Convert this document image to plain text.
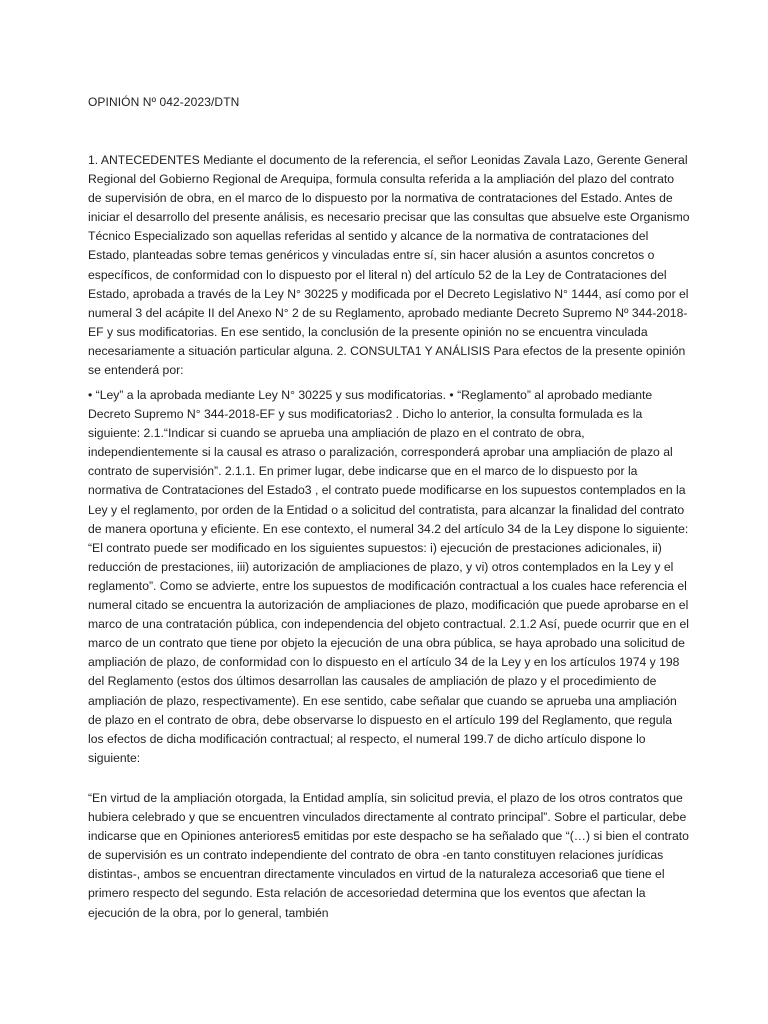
OPINIÓN Nº 042-2023/DTN

1. ANTECEDENTES Mediante el documento de la referencia, el señor Leonidas Zavala Lazo, Gerente General Regional del Gobierno Regional de Arequipa, formula consulta referida a la ampliación del plazo del contrato de supervisión de obra, en el marco de lo dispuesto por la normativa de contrataciones del Estado. Antes de iniciar el desarrollo del presente análisis, es necesario precisar que las consultas que absuelve este Organismo Técnico Especializado son aquellas referidas al sentido y alcance de la normativa de contrataciones del Estado, planteadas sobre temas genéricos y vinculadas entre sí, sin hacer alusión a asuntos concretos o específicos, de conformidad con lo dispuesto por el literal n) del artículo 52 de la Ley de Contrataciones del Estado, aprobada a través de la Ley N° 30225 y modificada por el Decreto Legislativo N° 1444, así como por el numeral 3 del acápite II del Anexo N° 2 de su Reglamento, aprobado mediante Decreto Supremo Nº 344-2018-EF y sus modificatorias. En ese sentido, la conclusión de la presente opinión no se encuentra vinculada necesariamente a situación particular alguna. 2. CONSULTA1 Y ANÁLISIS Para efectos de la presente opinión se entenderá por:

• “Ley” a la aprobada mediante Ley N° 30225 y sus modificatorias. • “Reglamento” al aprobado mediante Decreto Supremo N° 344-2018-EF y sus modificatorias2 . Dicho lo anterior, la consulta formulada es la siguiente: 2.1.“Indicar si cuando se aprueba una ampliación de plazo en el contrato de obra, independientemente si la causal es atraso o paralización, corresponderá aprobar una ampliación de plazo al contrato de supervisión”. 2.1.1. En primer lugar, debe indicarse que en el marco de lo dispuesto por la normativa de Contrataciones del Estado3 , el contrato puede modificarse en los supuestos contemplados en la Ley y el reglamento, por orden de la Entidad o a solicitud del contratista, para alcanzar la finalidad del contrato de manera oportuna y eficiente. En ese contexto, el numeral 34.2 del artículo 34 de la Ley dispone lo siguiente: “El contrato puede ser modificado en los siguientes supuestos: i) ejecución de prestaciones adicionales, ii) reducción de prestaciones, iii) autorización de ampliaciones de plazo, y vi) otros contemplados en la Ley y el reglamento”. Como se advierte, entre los supuestos de modificación contractual a los cuales hace referencia el numeral citado se encuentra la autorización de ampliaciones de plazo, modificación que puede aprobarse en el marco de una contratación pública, con independencia del objeto contractual. 2.1.2 Así, puede ocurrir que en el marco de un contrato que tiene por objeto la ejecución de una obra pública, se haya aprobado una solicitud de ampliación de plazo, de conformidad con lo dispuesto en el artículo 34 de la Ley y en los artículos 1974 y 198 del Reglamento (estos dos últimos desarrollan las causales de ampliación de plazo y el procedimiento de ampliación de plazo, respectivamente). En ese sentido, cabe señalar que cuando se aprueba una ampliación de plazo en el contrato de obra, debe observarse lo dispuesto en el artículo 199 del Reglamento, que regula los efectos de dicha modificación contractual; al respecto, el numeral 199.7 de dicho artículo dispone lo siguiente:

“En virtud de la ampliación otorgada, la Entidad amplía, sin solicitud previa, el plazo de los otros contratos que hubiera celebrado y que se encuentren vinculados directamente al contrato principal”. Sobre el particular, debe indicarse que en Opiniones anteriores5 emitidas por este despacho se ha señalado que “(…) si bien el contrato de supervisión es un contrato independiente del contrato de obra -en tanto constituyen relaciones jurídicas distintas-, ambos se encuentran directamente vinculados en virtud de la naturaleza accesoria6 que tiene el primero respecto del segundo. Esta relación de accesoriedad determina que los eventos que afectan la ejecución de la obra, por lo general, también
